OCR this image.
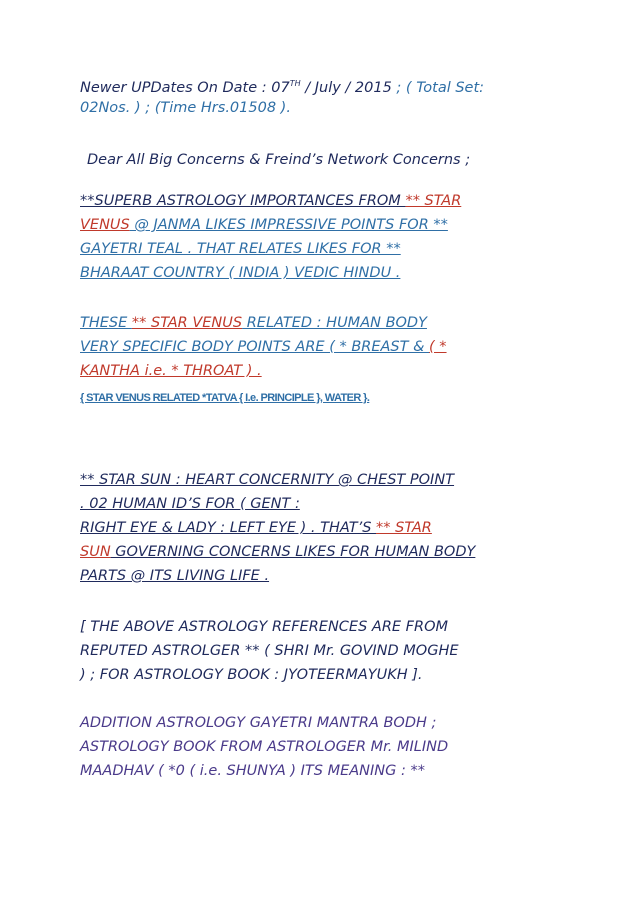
Newer UPDates On Date : 07TH / July / 2015 ; ( Total Set:
02Nos. ) ; (Time Hrs.01508 ).
Dear All Big Concerns & Freind’s Network Concerns ;
**SUPERB ASTROLOGY IMPORTANCES FROM ** STAR
VENUS @ JANMA LIKES IMPRESSIVE POINTS FOR **
GAYETRI TEAL . THAT RELATES LIKES FOR **
BHARAAT COUNTRY ( INDIA ) VEDIC HINDU .
THESE ** STAR VENUS RELATED : HUMAN BODY
VERY SPECIFIC BODY POINTS ARE ( * BREAST & ( *
KANTHA i.e. * THROAT ) .
{ STAR VENUS RELATED *TATVA { I.e. PRINCIPLE }, WATER }.
** STAR SUN : HEART CONCERNITY @ CHEST POINT
. 02 HUMAN ID’S FOR ( GENT :
RIGHT EYE & LADY : LEFT EYE ) . THAT’S ** STAR
SUN GOVERNING CONCERNS LIKES FOR HUMAN BODY
PARTS @ ITS LIVING LIFE .
[ THE ABOVE ASTROLOGY REFERENCES ARE FROM
REPUTED ASTROLGER ** ( SHRI Mr. GOVIND MOGHE
) ; FOR ASTROLOGY BOOK : JYOTEERMAYUKH ].
ADDITION ASTROLOGY GAYETRI MANTRA BODH ;
ASTROLOGY BOOK FROM ASTROLOGER Mr. MILIND
MAADHAV ( *0 ( i.e. SHUNYA ) ITS MEANING : **
